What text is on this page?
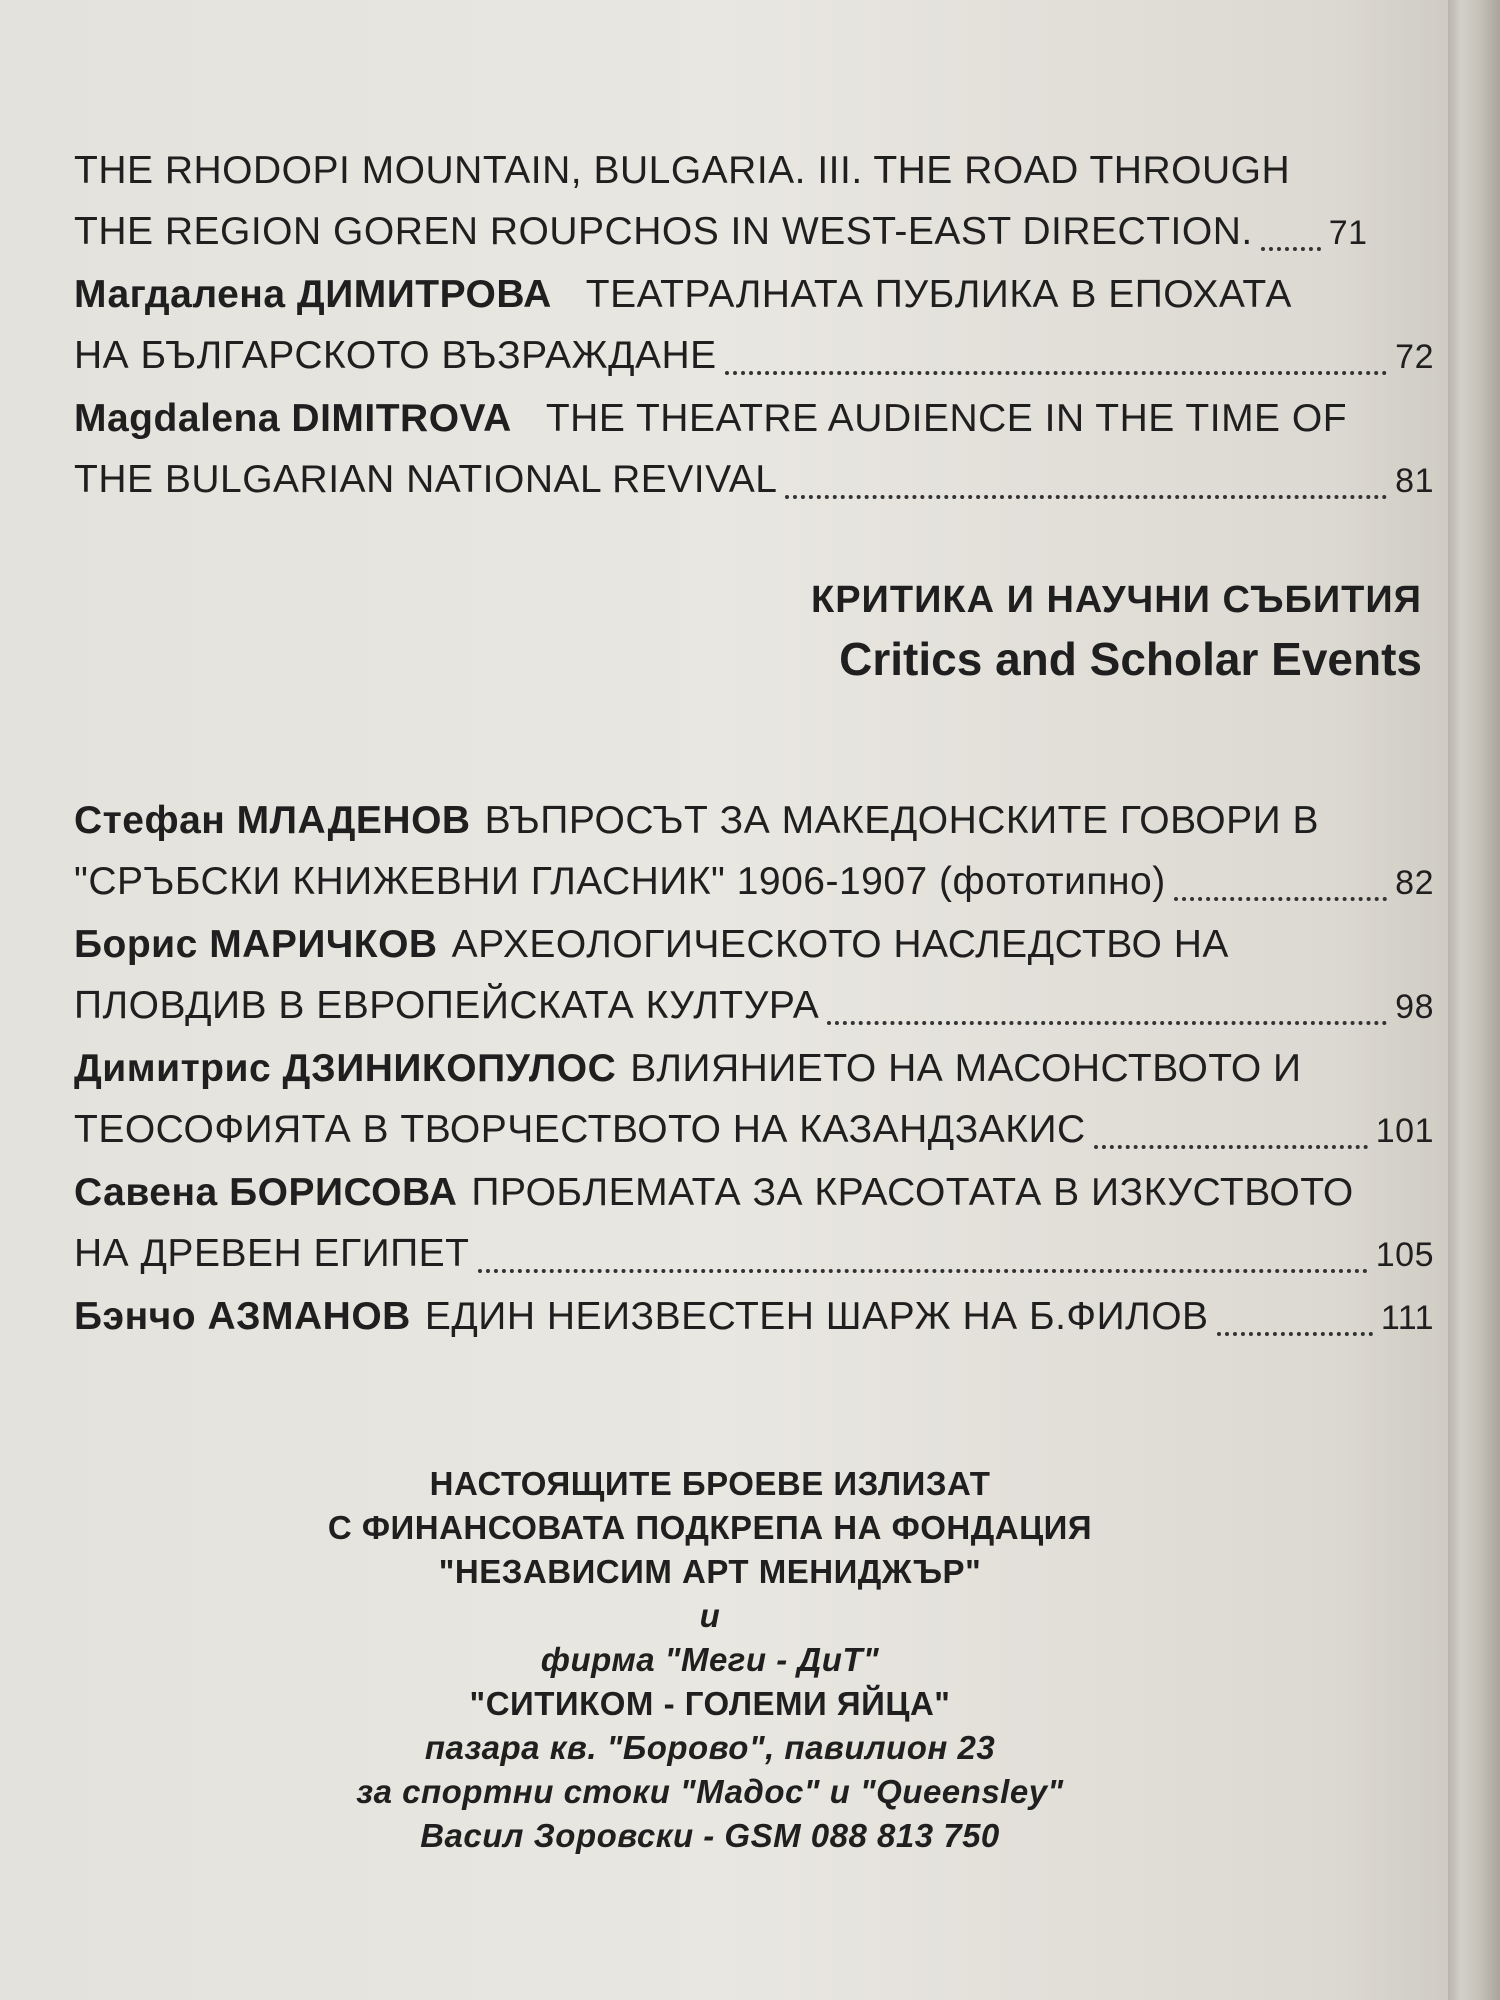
THE RHODOPI MOUNTAIN, BULGARIA. III. THE ROAD THROUGH
THE REGION GOREN ROUPCHOS IN WEST-EAST DIRECTION. 71
Магдалена ДИМИТРОВА ТЕАТРАЛНАТА ПУБЛИКА В ЕПОХАТА
НА БЪЛГАРСКОТО ВЪЗРАЖДАНЕ	72
Magdalena DIMITROVA THE THEATRE AUDIENCE IN THE TIME OF
THE BULGARIAN NATIONAL REVIVAL	81
КРИТИКА И НАУЧНИ СЪБИТИЯ
Critics and Scholar Events
Стефан МЛАДЕНОВ ВЪПРОСЪТ ЗА МАКЕДОНСКИТЕ ГОВОРИ В
"СРЪБСКИ КНИЖЕВНИ ГЛАСНИК" 1906-1907 (фототипно)	82
Борис МАРИЧКОВ АРХЕОЛОГИЧЕСКОТО НАСЛЕДСТВО НА
ПЛОВДИВ В ЕВРОПЕЙСКАТА КУЛТУРА	98
Димитрис ДЗИНИКОПУЛОС ВЛИЯНИЕТО НА МАСОНСТВОТО И
ТЕОСОФИЯТА В ТВОРЧЕСТВОТО НА КАЗАНДЗАКИС	101
Савена БОРИСОВА ПРОБЛЕМАТА ЗА КРАСОТАТА В ИЗКУСТВОТО
НА ДРЕВЕН ЕГИПЕТ	105
Бэнчо АЗМАНОВ ЕДИН НЕИЗВЕСТЕН ШАРЖ НА Б.ФИЛОВ	111
НАСТОЯЩИТЕ БРОЕВЕ ИЗЛИЗАТ
С ФИНАНСОВАТА ПОДКРЕПА НА ФОНДАЦИЯ
"НЕЗАВИСИМ АРТ МЕНИДЖЪР"
и
фирма "Меги - ДиТ"
"СИТИКОМ - ГОЛЕМИ ЯЙЦА"
пазара кв. "Борово", павилион 23
за спортни стоки "Мадос" и "Queensley"
Васил Зоровски - GSM 088 813 750
